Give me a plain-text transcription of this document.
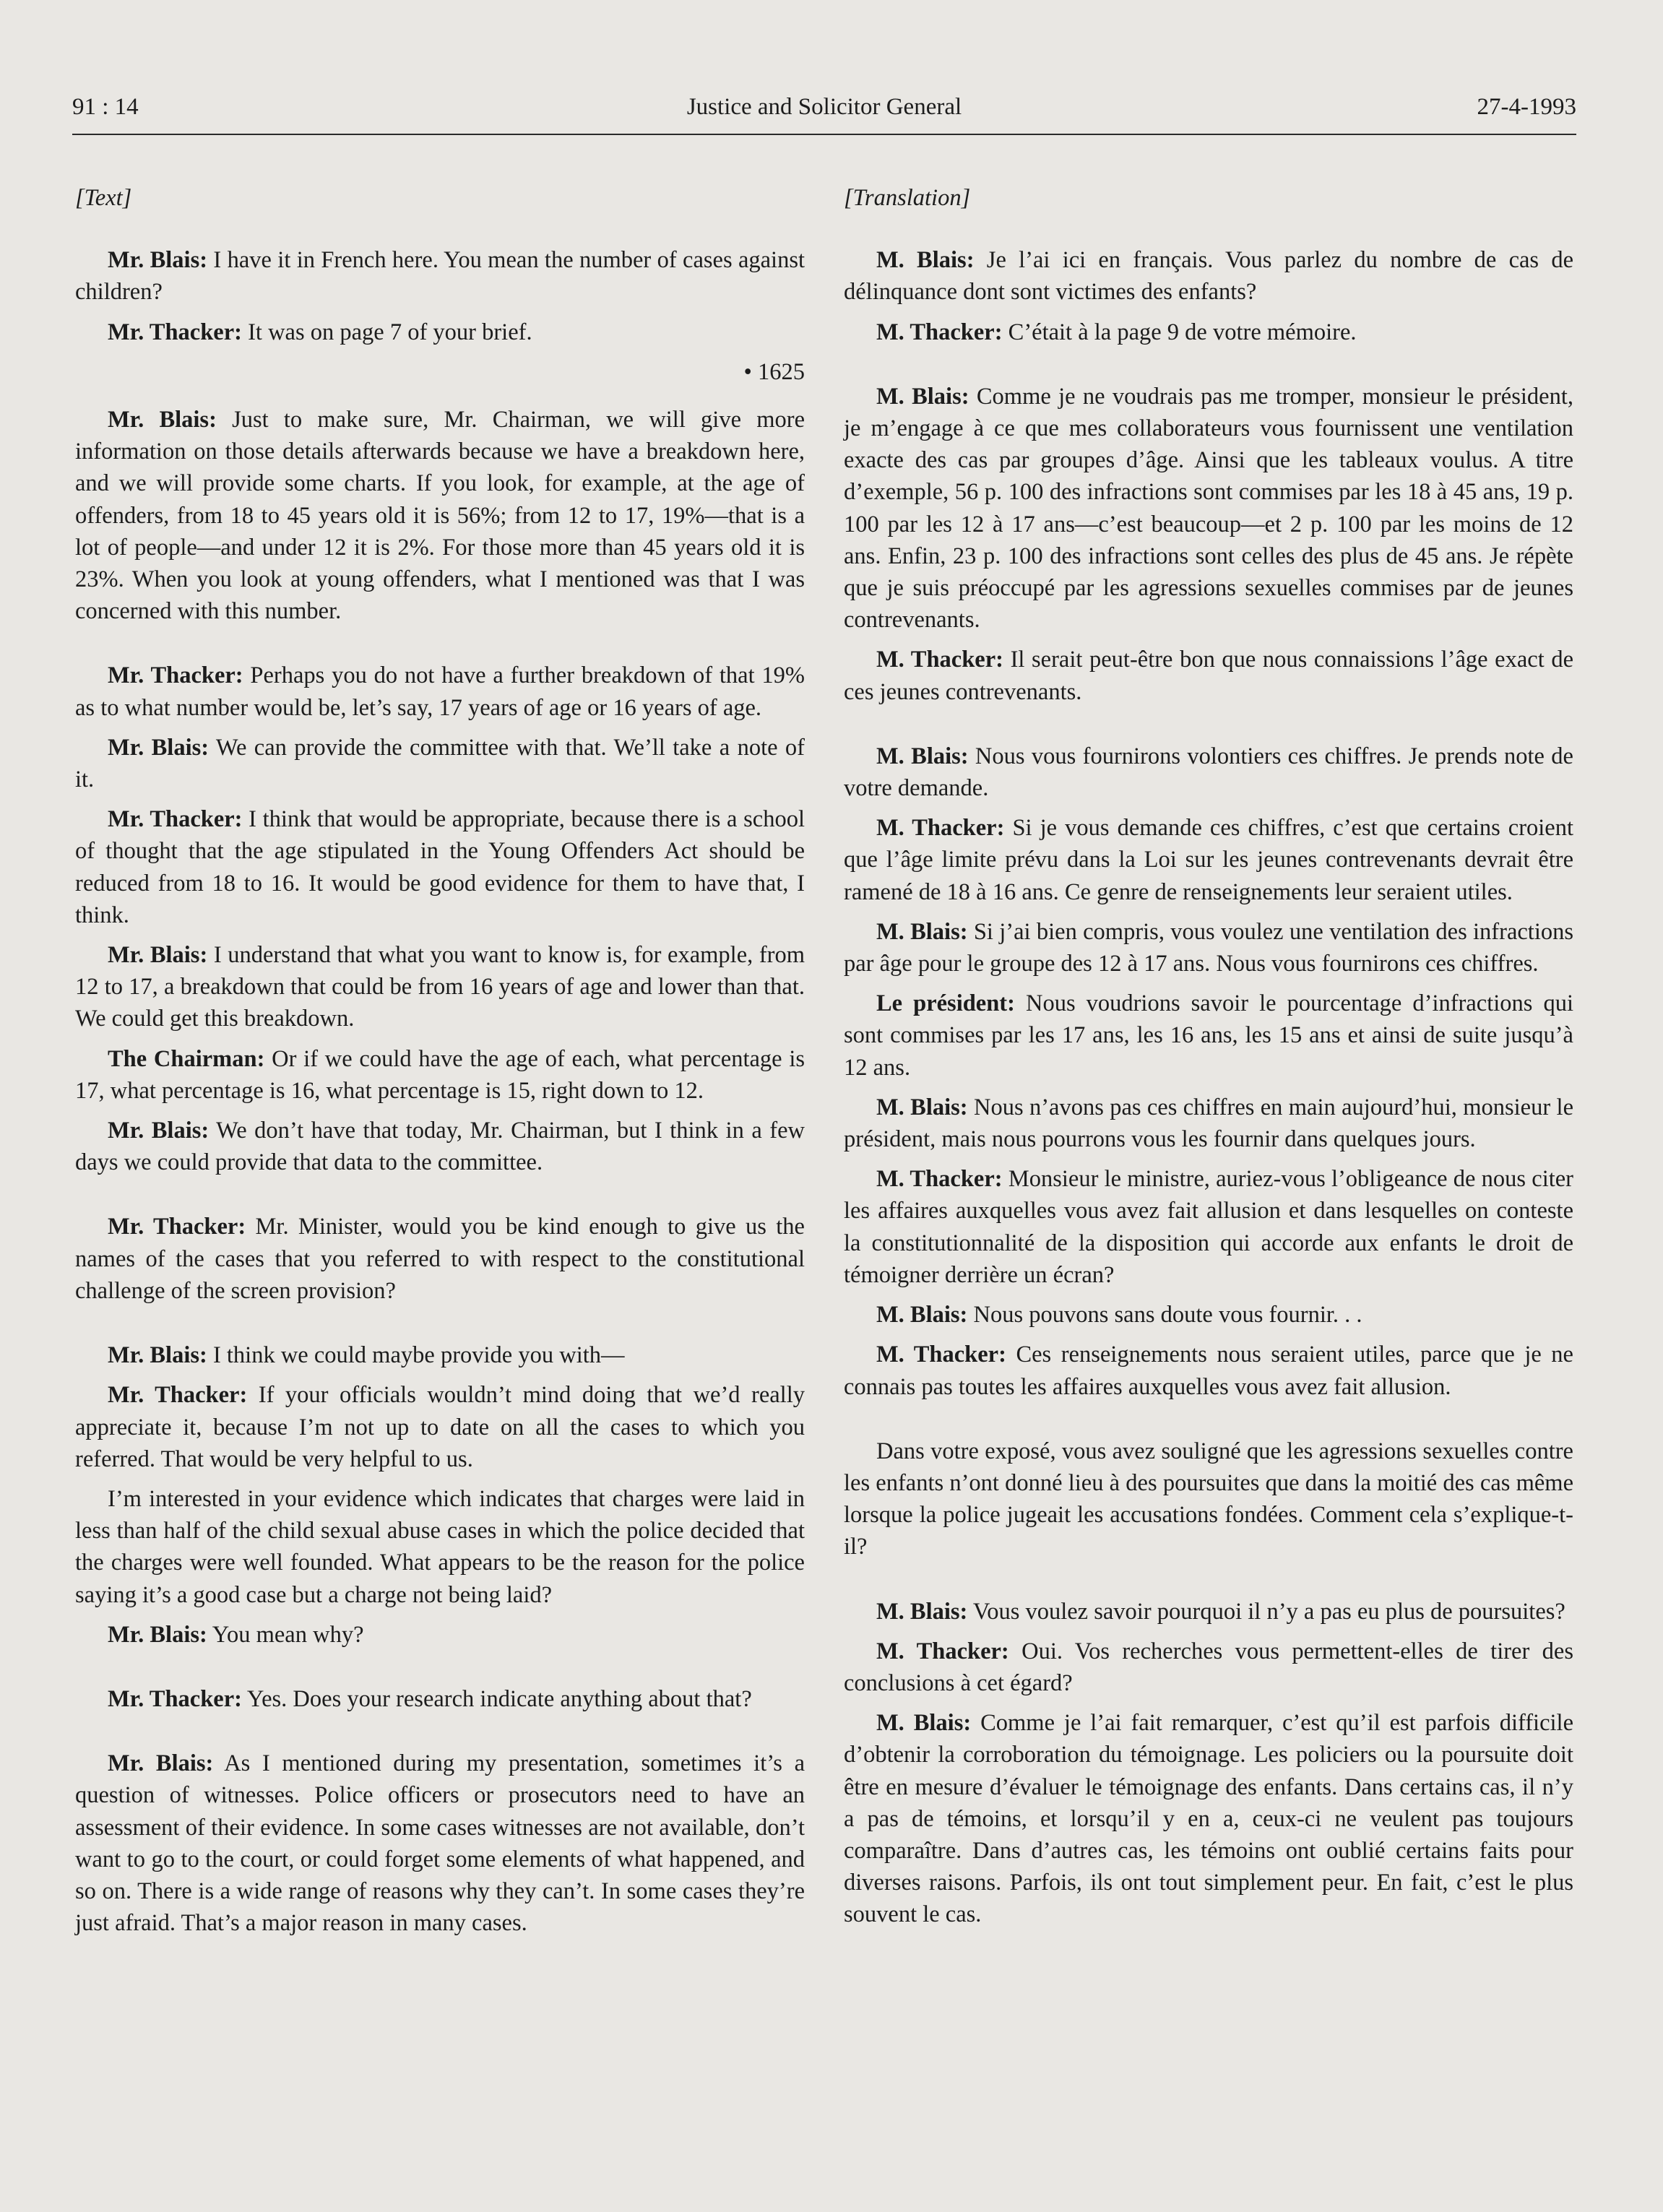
Justice and Solicitor General
91 : 14	27-4-1993
[Text]

Mr. Blais: I have it in French here. You mean the number of cases against children?

Mr. Thacker: It was on page 7 of your brief.

• 1625

Mr. Blais: Just to make sure, Mr. Chairman, we will give more information on those details afterwards because we have a breakdown here, and we will provide some charts. If you look, for example, at the age of offenders, from 18 to 45 years old it is 56%; from 12 to 17, 19%—that is a lot of people—and under 12 it is 2%. For those more than 45 years old it is 23%. When you look at young offenders, what I mentioned was that I was concerned with this number.

Mr. Thacker: Perhaps you do not have a further breakdown of that 19% as to what number would be, let’s say, 17 years of age or 16 years of age.

Mr. Blais: We can provide the committee with that. We’ll take a note of it.

Mr. Thacker: I think that would be appropriate, because there is a school of thought that the age stipulated in the Young Offenders Act should be reduced from 18 to 16. It would be good evidence for them to have that, I think.

Mr. Blais: I understand that what you want to know is, for example, from 12 to 17, a breakdown that could be from 16 years of age and lower than that. We could get this breakdown.

The Chairman: Or if we could have the age of each, what percentage is 17, what percentage is 16, what percentage is 15, right down to 12.

Mr. Blais: We don’t have that today, Mr. Chairman, but I think in a few days we could provide that data to the committee.

Mr. Thacker: Mr. Minister, would you be kind enough to give us the names of the cases that you referred to with respect to the constitutional challenge of the screen provision?

Mr. Blais: I think we could maybe provide you with—

Mr. Thacker: If your officials wouldn’t mind doing that we’d really appreciate it, because I’m not up to date on all the cases to which you referred. That would be very helpful to us.

I’m interested in your evidence which indicates that charges were laid in less than half of the child sexual abuse cases in which the police decided that the charges were well founded. What appears to be the reason for the police saying it’s a good case but a charge not being laid?

Mr. Blais: You mean why?

Mr. Thacker: Yes. Does your research indicate anything about that?

Mr. Blais: As I mentioned during my presentation, sometimes it’s a question of witnesses. Police officers or prosecutors need to have an assessment of their evidence. In some cases witnesses are not available, don’t want to go to the court, or could forget some elements of what happened, and so on. There is a wide range of reasons why they can’t. In some cases they’re just afraid. That’s a major reason in many cases.

[Translation]

M. Blais: Je l’ai ici en français. Vous parlez du nombre de cas de délinquance dont sont victimes des enfants?

M. Thacker: C’était à la page 9 de votre mémoire.

M. Blais: Comme je ne voudrais pas me tromper, monsieur le président, je m’engage à ce que mes collaborateurs vous fournissent une ventilation exacte des cas par groupes d’âge. Ainsi que les tableaux voulus. A titre d’exemple, 56 p. 100 des infractions sont commises par les 18 à 45 ans, 19 p. 100 par les 12 à 17 ans—c’est beaucoup—et 2 p. 100 par les moins de 12 ans. Enfin, 23 p. 100 des infractions sont celles des plus de 45 ans. Je répète que je suis préoccupé par les agressions sexuelles commises par de jeunes contrevenants.

M. Thacker: Il serait peut-être bon que nous connaissions l’âge exact de ces jeunes contrevenants.

M. Blais: Nous vous fournirons volontiers ces chiffres. Je prends note de votre demande.

M. Thacker: Si je vous demande ces chiffres, c’est que certains croient que l’âge limite prévu dans la Loi sur les jeunes contrevenants devrait être ramené de 18 à 16 ans. Ce genre de renseignements leur seraient utiles.

M. Blais: Si j’ai bien compris, vous voulez une ventilation des infractions par âge pour le groupe des 12 à 17 ans. Nous vous fournirons ces chiffres.

Le président: Nous voudrions savoir le pourcentage d’infractions qui sont commises par les 17 ans, les 16 ans, les 15 ans et ainsi de suite jusqu’à 12 ans.

M. Blais: Nous n’avons pas ces chiffres en main aujourd’hui, monsieur le président, mais nous pourrons vous les fournir dans quelques jours.

M. Thacker: Monsieur le ministre, auriez-vous l’obligeance de nous citer les affaires auxquelles vous avez fait allusion et dans lesquelles on conteste la constitutionnalité de la disposition qui accorde aux enfants le droit de témoigner derrière un écran?

M. Blais: Nous pouvons sans doute vous fournir. . .

M. Thacker: Ces renseignements nous seraient utiles, parce que je ne connais pas toutes les affaires auxquelles vous avez fait allusion.

Dans votre exposé, vous avez souligné que les agressions sexuelles contre les enfants n’ont donné lieu à des poursuites que dans la moitié des cas même lorsque la police jugeait les accusations fondées. Comment cela s’explique-t-il?

M. Blais: Vous voulez savoir pourquoi il n’y a pas eu plus de poursuites?

M. Thacker: Oui. Vos recherches vous permettent-elles de tirer des conclusions à cet égard?

M. Blais: Comme je l’ai fait remarquer, c’est qu’il est parfois difficile d’obtenir la corroboration du témoignage. Les policiers ou la poursuite doit être en mesure d’évaluer le témoignage des enfants. Dans certains cas, il n’y a pas de témoins, et lorsqu’il y en a, ceux-ci ne veulent pas toujours comparaître. Dans d’autres cas, les témoins ont oublié certains faits pour diverses raisons. Parfois, ils ont tout simplement peur. En fait, c’est le plus souvent le cas.
